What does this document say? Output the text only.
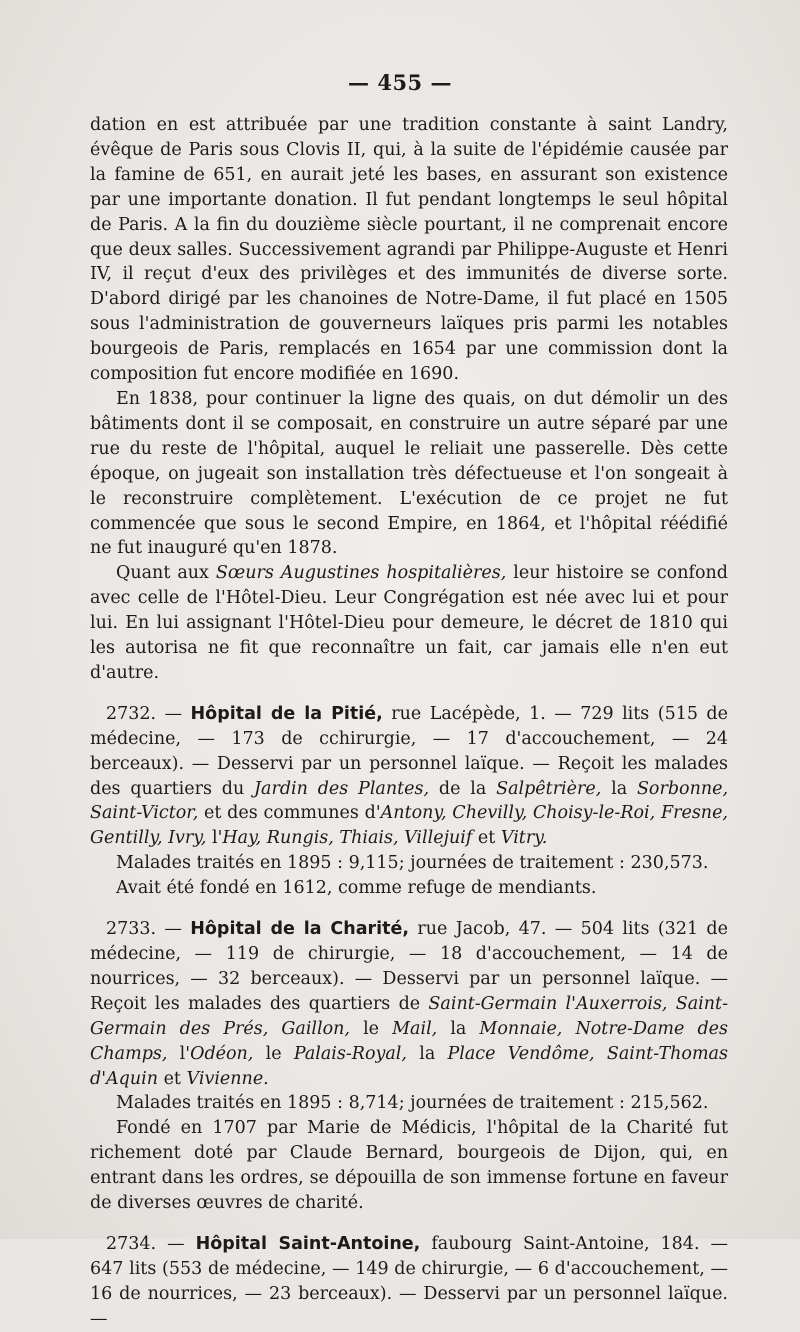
— 455 —

dation en est attribuée par une tradition constante à saint Landry, évêque de Paris sous Clovis II, qui, à la suite de l'épidémie causée par la famine de 651, en aurait jeté les bases, en assurant son existence par une importante donation. Il fut pendant longtemps le seul hôpital de Paris. A la fin du douzième siècle pourtant, il ne comprenait encore que deux salles. Successivement agrandi par Philippe-Auguste et Henri IV, il reçut d'eux des privilèges et des immunités de diverse sorte. D'abord dirigé par les chanoines de Notre-Dame, il fut placé en 1505 sous l'administration de gouverneurs laïques pris parmi les notables bourgeois de Paris, remplacés en 1654 par une commission dont la composition fut encore modifiée en 1690.

En 1838, pour continuer la ligne des quais, on dut démolir un des bâtiments dont il se composait, en construire un autre séparé par une rue du reste de l'hôpital, auquel le reliait une passerelle. Dès cette époque, on jugeait son installation très défectueuse et l'on songeait à le reconstruire complètement. L'exécution de ce projet ne fut commencée que sous le second Empire, en 1864, et l'hôpital réédifié ne fut inauguré qu'en 1878.

Quant aux Sœurs Augustines hospitalières, leur histoire se confond avec celle de l'Hôtel-Dieu. Leur Congrégation est née avec lui et pour lui. En lui assignant l'Hôtel-Dieu pour demeure, le décret de 1810 qui les autorisa ne fit que reconnaître un fait, car jamais elle n'en eut d'autre.

2732. — Hôpital de la Pitié, rue Lacépède, 1. — 729 lits (515 de médecine, — 173 de cchirurgie, — 17 d'accouchement, — 24 berceaux). — Desservi par un personnel laïque. — Reçoit les malades des quartiers du Jardin des Plantes, de la Salpêtrière, la Sorbonne, Saint-Victor, et des communes d'Antony, Chevilly, Choisy-le-Roi, Fresne, Gentilly, Ivry, l'Hay, Rungis, Thiais, Villejuif et Vitry.

Malades traités en 1895 : 9,115; journées de traitement : 230,573.

Avait été fondé en 1612, comme refuge de mendiants.

2733. — Hôpital de la Charité, rue Jacob, 47. — 504 lits (321 de médecine, — 119 de chirurgie, — 18 d'accouchement, — 14 de nourrices, — 32 berceaux). — Desservi par un personnel laïque. — Reçoit les malades des quartiers de Saint-Germain l'Auxerrois, Saint-Germain des Prés, Gaillon, le Mail, la Monnaie, Notre-Dame des Champs, l'Odéon, le Palais-Royal, la Place Vendôme, Saint-Thomas d'Aquin et Vivienne.

Malades traités en 1895 : 8,714; journées de traitement : 215,562.

Fondé en 1707 par Marie de Médicis, l'hôpital de la Charité fut richement doté par Claude Bernard, bourgeois de Dijon, qui, en entrant dans les ordres, se dépouilla de son immense fortune en faveur de diverses œuvres de charité.

2734. — Hôpital Saint-Antoine, faubourg Saint-Antoine, 184. — 647 lits (553 de médecine, — 149 de chirurgie, — 6 d'accouchement, — 16 de nourrices, — 23 berceaux). — Desservi par un personnel laïque. —
